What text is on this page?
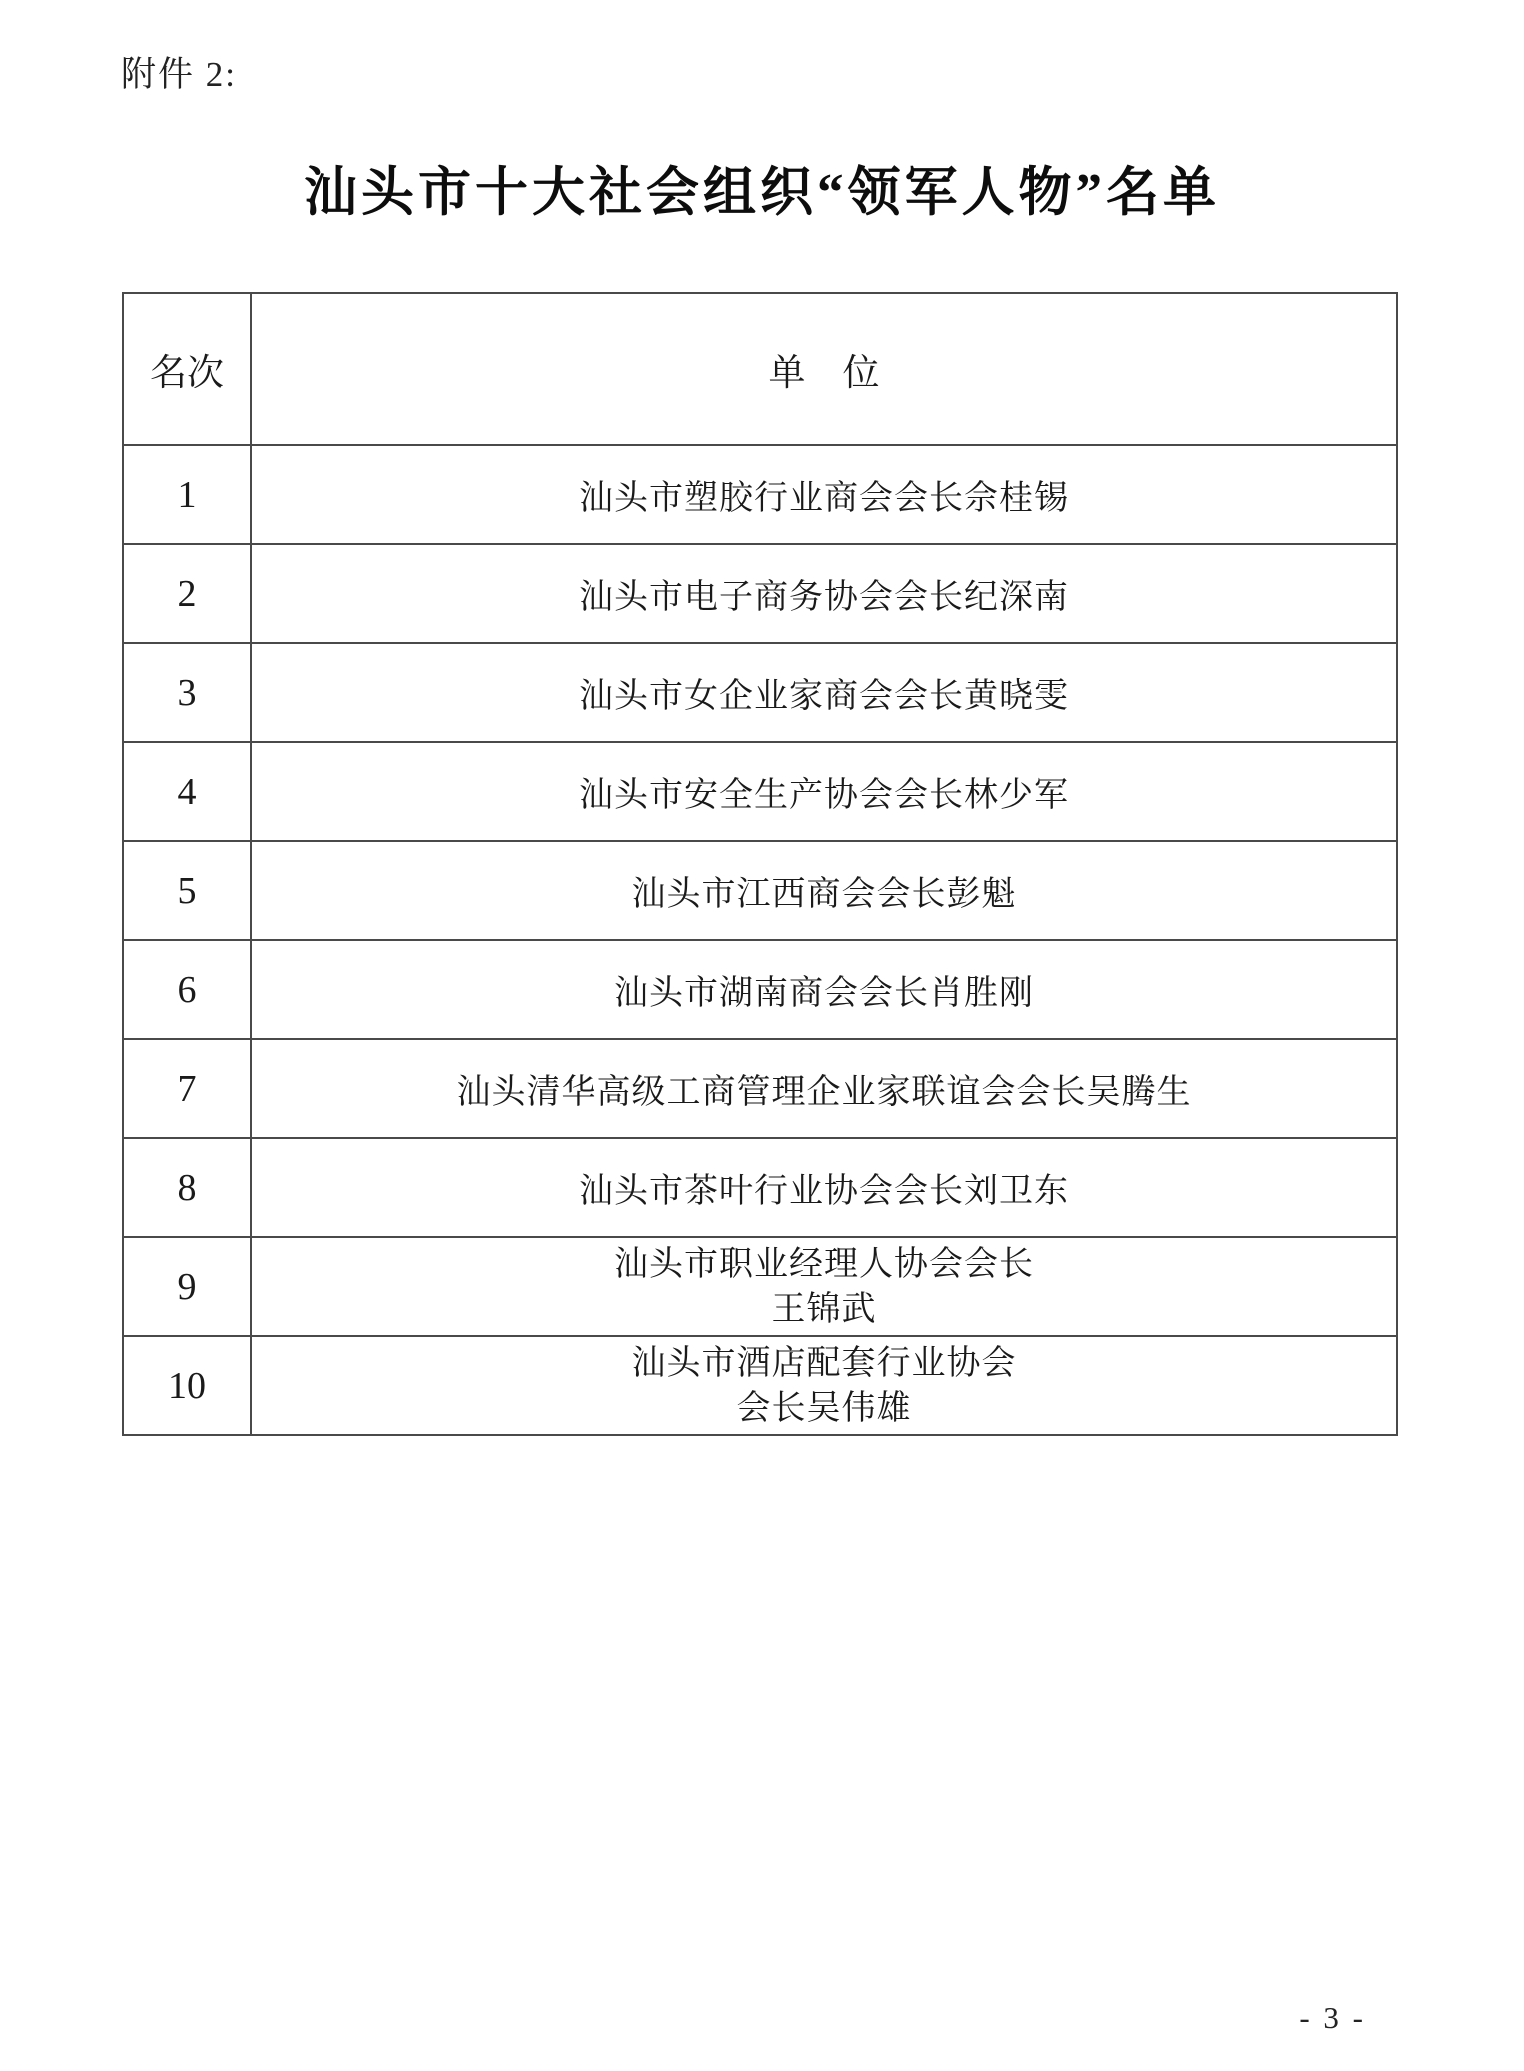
附件 2:
汕头市十大社会组织“领军人物”名单
名次	单　位
1	汕头市塑胶行业商会会长佘桂锡
2	汕头市电子商务协会会长纪深南
3	汕头市女企业家商会会长黄晓雯
4	汕头市安全生产协会会长林少军
5	汕头市江西商会会长彭魁
6	汕头市湖南商会会长肖胜刚
7	汕头清华高级工商管理企业家联谊会会长吴腾生
8	汕头市茶叶行业协会会长刘卫东
9	汕头市职业经理人协会会长
王锦武

10	汕头市酒店配套行业协会
会长吴伟雄
- 3 -
